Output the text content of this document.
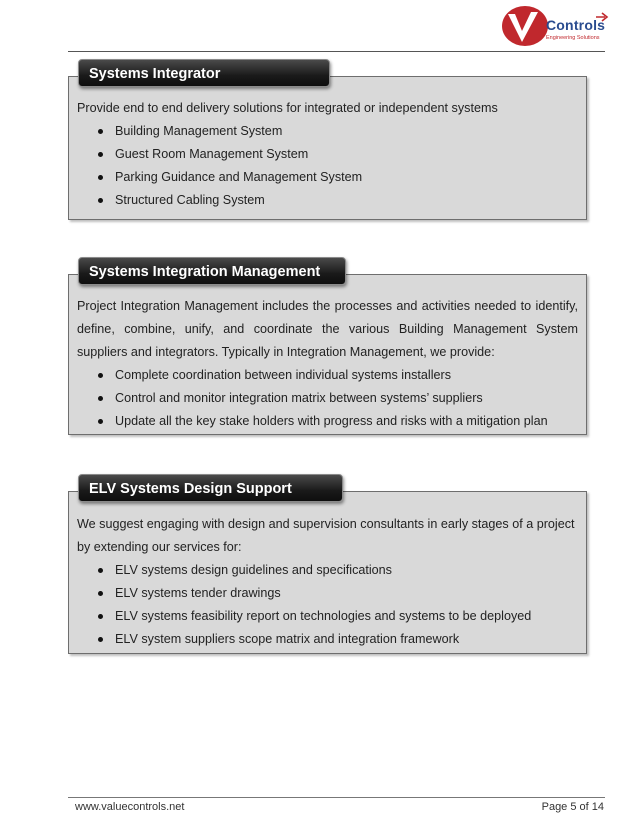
Controls
Engineering Solutions
Systems Integrator

Provide end to end delivery solutions for integrated or independent systems

Building Management System
Guest Room Management System
Parking Guidance and Management System
Structured Cabling System
Systems Integration Management

Project Integration Management includes the processes and activities needed to identify, define, combine, unify, and coordinate the various Building Management System suppliers and integrators. Typically in Integration Management, we provide:

Complete coordination between individual systems installers
Control and monitor integration matrix between systems’ suppliers
Update all the key stake holders with progress and risks with a mitigation plan
ELV Systems Design Support

We suggest engaging with design and supervision consultants in early stages of a project by extending our services for:

ELV systems design guidelines and specifications
ELV systems tender drawings
ELV systems feasibility report on technologies and systems to be deployed
ELV system suppliers scope matrix and integration framework
www.valuecontrols.net	Page 5 of 14
